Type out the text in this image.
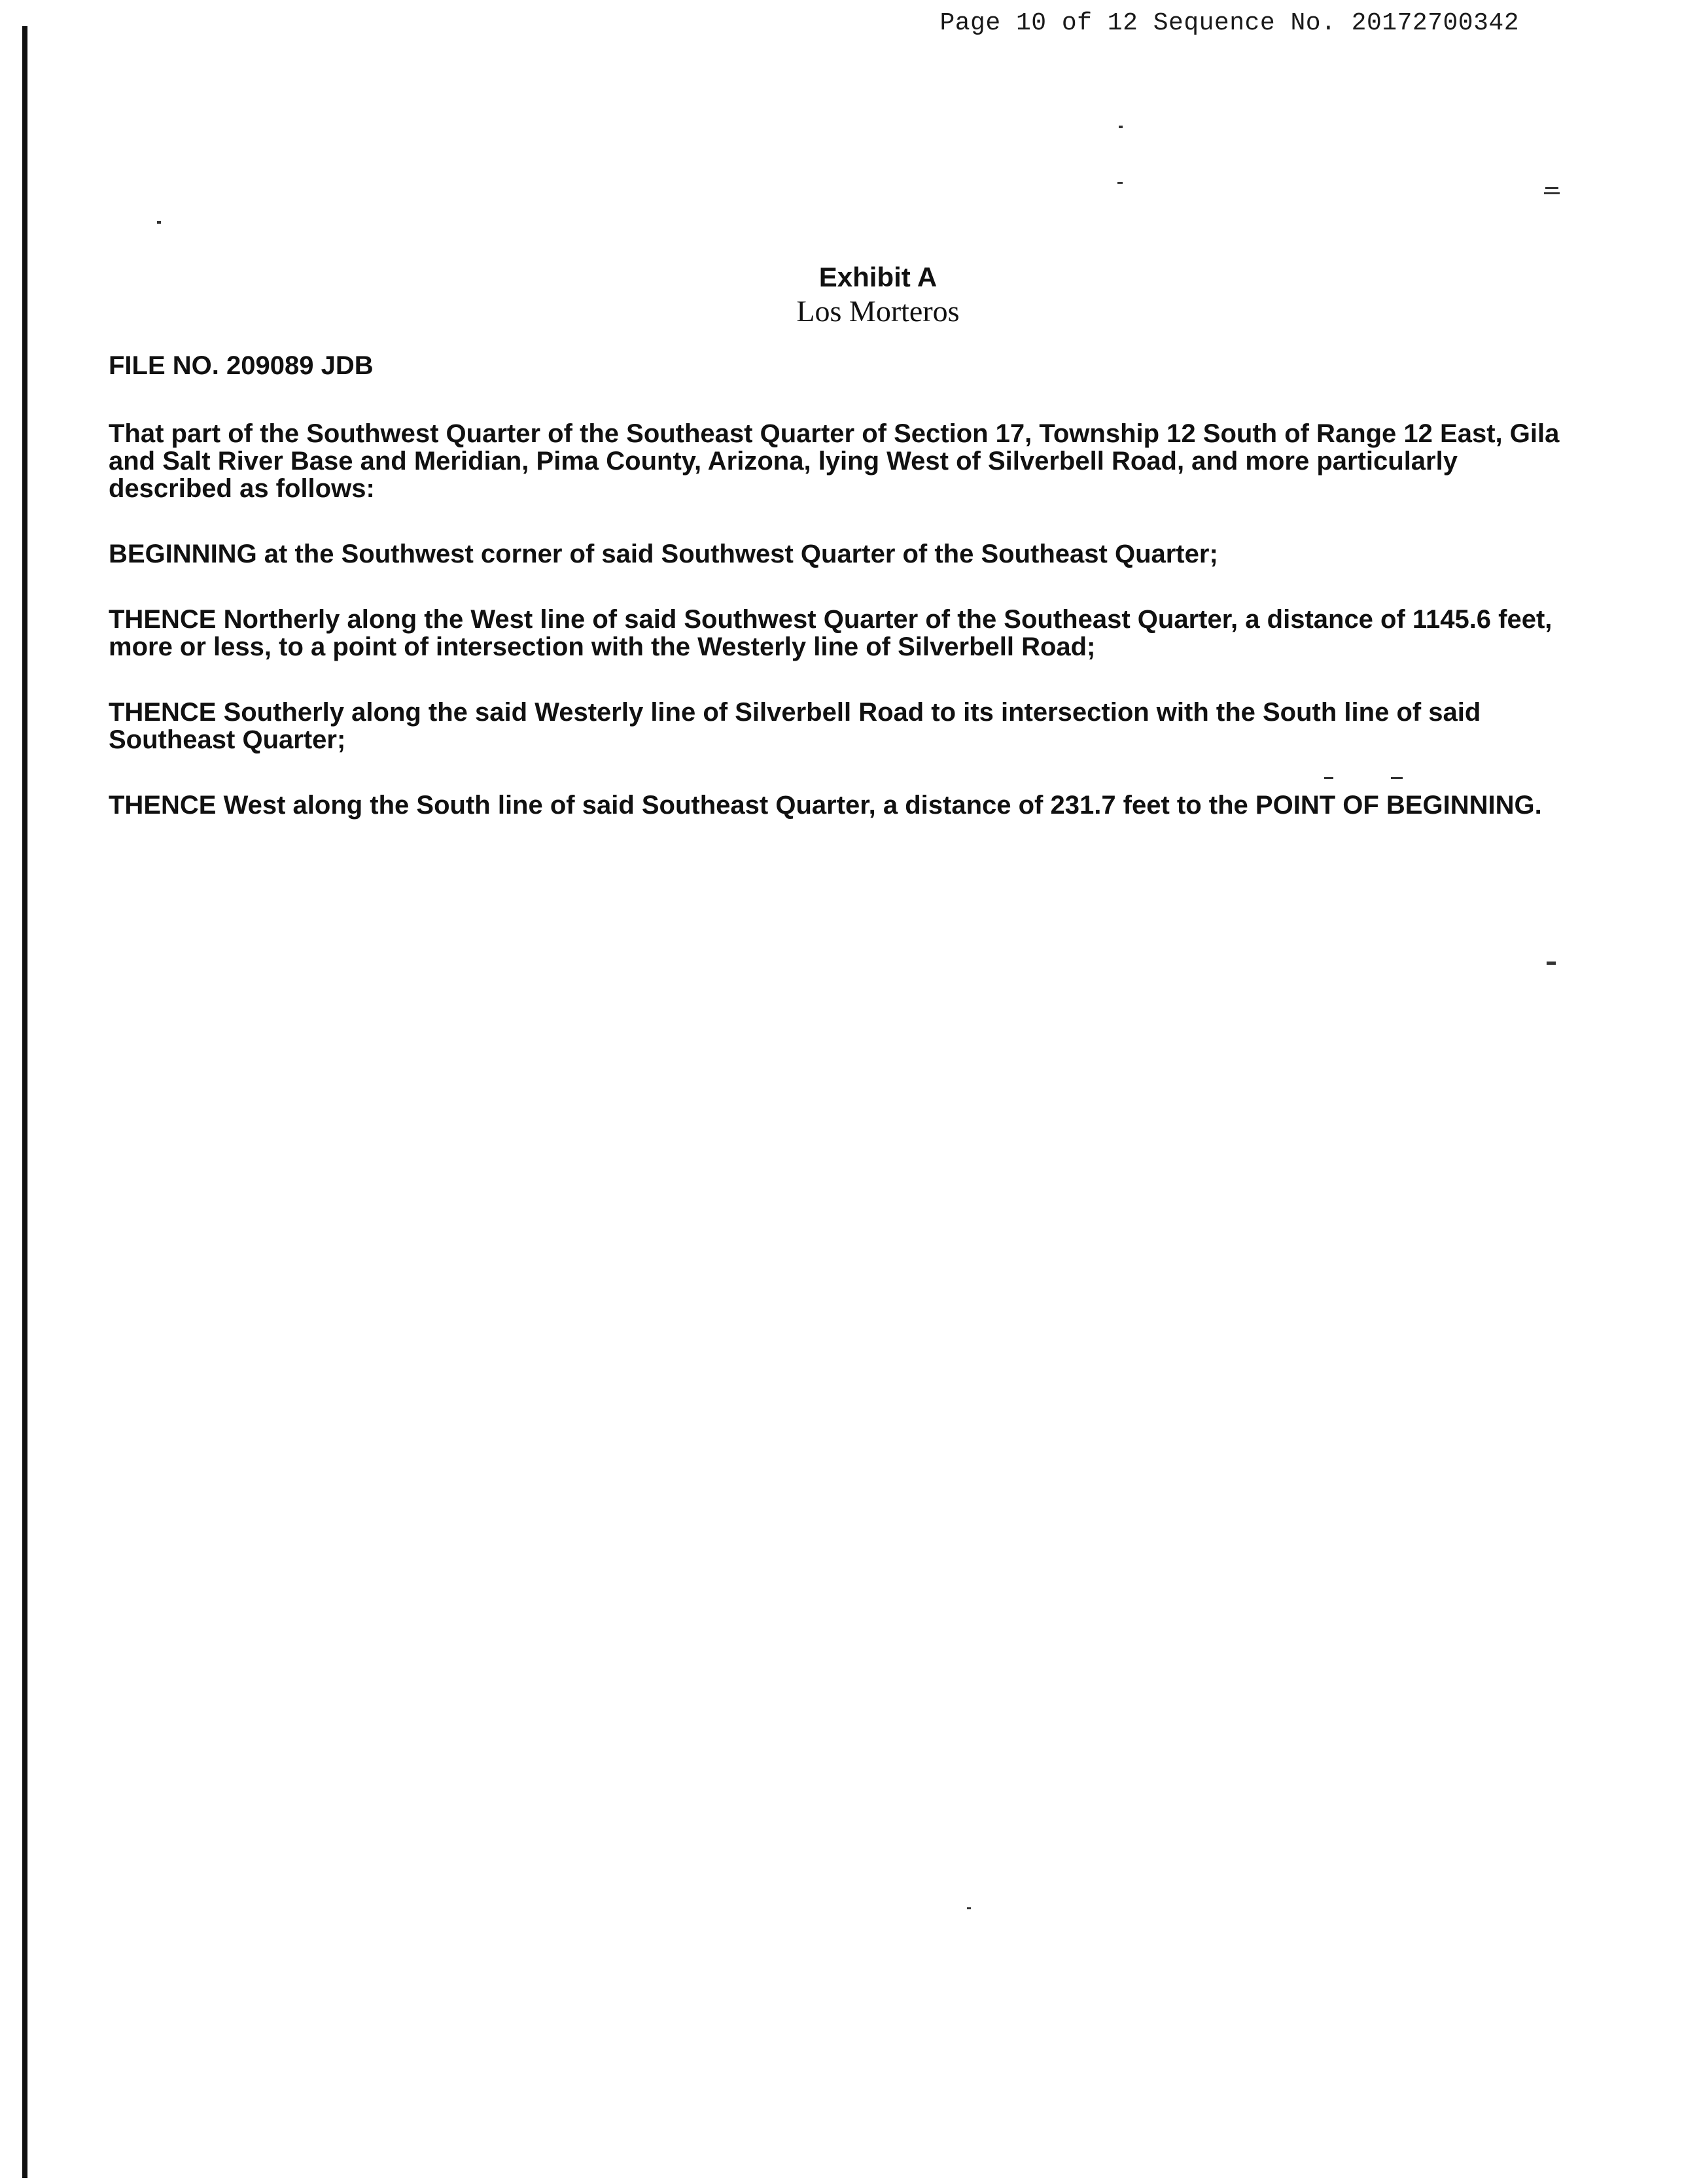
Page 10 of 12 Sequence No. 20172700342
Exhibit A
Los Morteros
FILE NO. 209089 JDB

That part of the Southwest Quarter of the Southeast Quarter of Section 17, Township 12 South of Range 12 East, Gila and Salt River Base and Meridian, Pima County, Arizona, lying West of Silverbell Road, and more particularly described as follows:

BEGINNING at the Southwest corner of said Southwest Quarter of the Southeast Quarter;

THENCE Northerly along the West line of said Southwest Quarter of the Southeast Quarter, a distance of 1145.6 feet, more or less, to a point of intersection with the Westerly line of Silverbell Road;

THENCE Southerly along the said Westerly line of Silverbell Road to its intersection with the South line of said Southeast Quarter;

THENCE West along the South line of said Southeast Quarter, a distance of 231.7 feet to the POINT OF BEGINNING.
